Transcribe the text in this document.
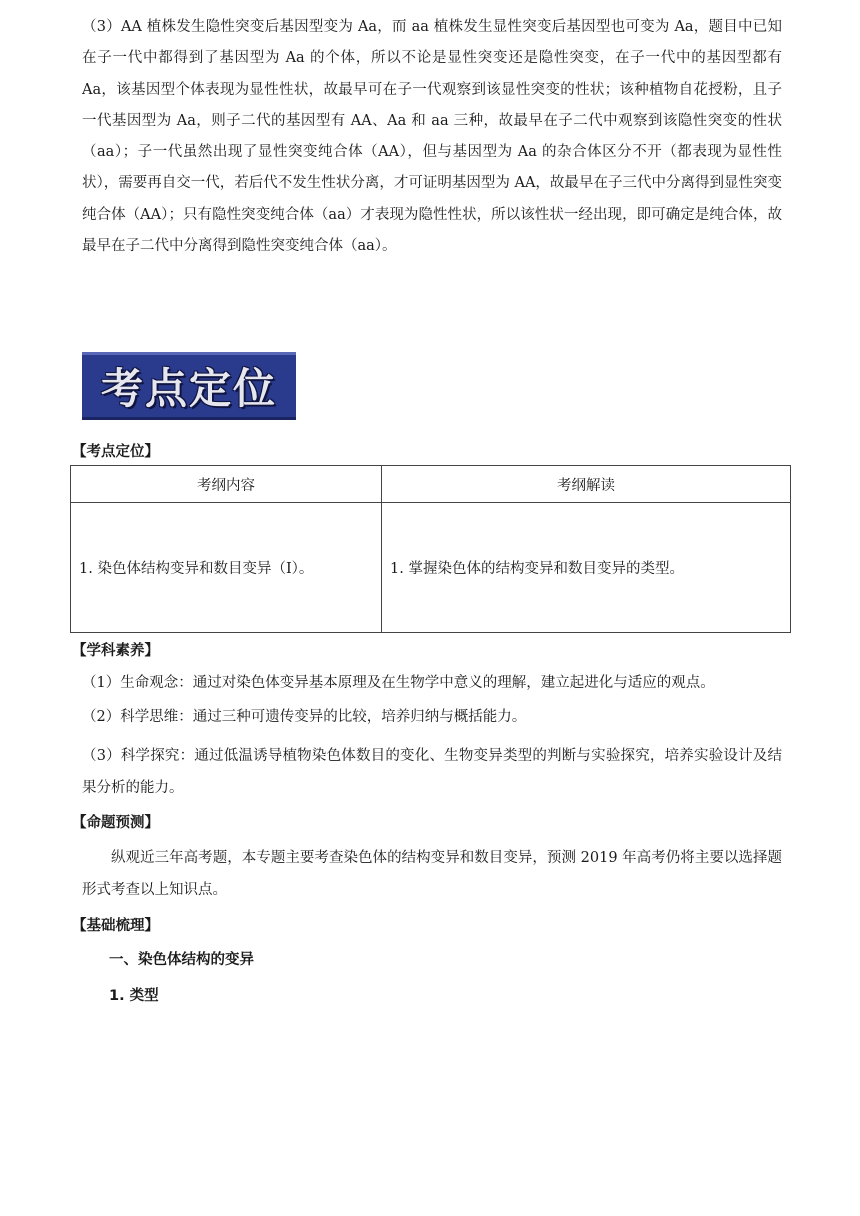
（3）AA 植株发生隐性突变后基因型变为 Aa，而 aa 植株发生显性突变后基因型也可变为 Aa，题目中已知在子一代中都得到了基因型为 Aa 的个体，所以不论是显性突变还是隐性突变，在子一代中的基因型都有 Aa，该基因型个体表现为显性性状，故最早可在子一代观察到该显性突变的性状；该种植物自花授粉，且子一代基因型为 Aa，则子二代的基因型有 AA、Aa 和 aa 三种，故最早在子二代中观察到该隐性突变的性状（aa）；子一代虽然出现了显性突变纯合体（AA），但与基因型为 Aa 的杂合体区分不开（都表现为显性性状），需要再自交一代，若后代不发生性状分离，才可证明基因型为 AA，故最早在子三代中分离得到显性突变纯合体（AA）；只有隐性突变纯合体（aa）才表现为隐性性状，所以该性状一经出现，即可确定是纯合体，故最早在子二代中分离得到隐性突变纯合体（aa）。

考点定位

【考点定位】

考纲内容	考纲解读
1. 染色体结构变异和数目变异（Ⅰ）。	1. 掌握染色体的结构变异和数目变异的类型。

【学科素养】

（1）生命观念：通过对染色体变异基本原理及在生物学中意义的理解，建立起进化与适应的观点。

（2）科学思维：通过三种可遗传变异的比较，培养归纳与概括能力。

（3）科学探究：通过低温诱导植物染色体数目的变化、生物变异类型的判断与实验探究，培养实验设计及结果分析的能力。

【命题预测】

纵观近三年高考题，本专题主要考查染色体的结构变异和数目变异，预测 2019 年高考仍将主要以选择题形式考查以上知识点。

【基础梳理】

一、染色体结构的变异

1. 类型
